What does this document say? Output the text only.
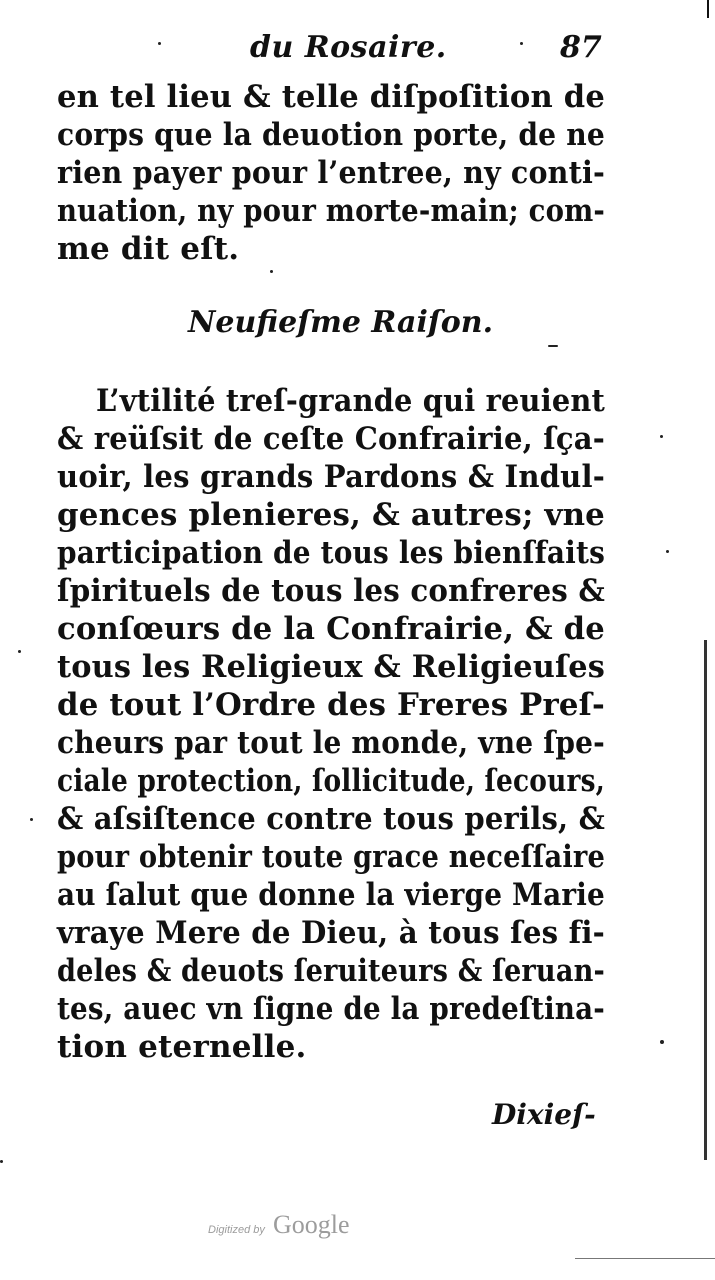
du Rosaire.	87
en tel lieu & telle diſpoſition de
corps que la deuotion porte, de ne
rien payer pour l’entree, ny conti-
nuation, ny pour morte-main; com-
me dit eſt.
Neufieſme Raiſon.
L’vtilité treſ-grande qui reuient
& reüſsit de ceſte Confrairie, ſça-
uoir, les grands Pardons & Indul-
gences plenieres, & autres; vne
participation de tous les bienſfaits
ſpirituels de tous les confreres &
conſœurs de la Confrairie, & de
tous les Religieux & Religieuſes
de tout l’Ordre des Freres Preſ-
cheurs par tout le monde, vne ſpe-
ciale protection, ſollicitude, ſecours,
& aſsiſtence contre tous perils, &
pour obtenir toute grace neceſſaire
au ſalut que donne la vierge Marie
vraye Mere de Dieu, à tous ſes fi-
deles & deuots ſeruiteurs & ſeruan-
tes, auec vn ſigne de la predeſtina-
tion eternelle.
Dixieſ-
Digitized by Google
